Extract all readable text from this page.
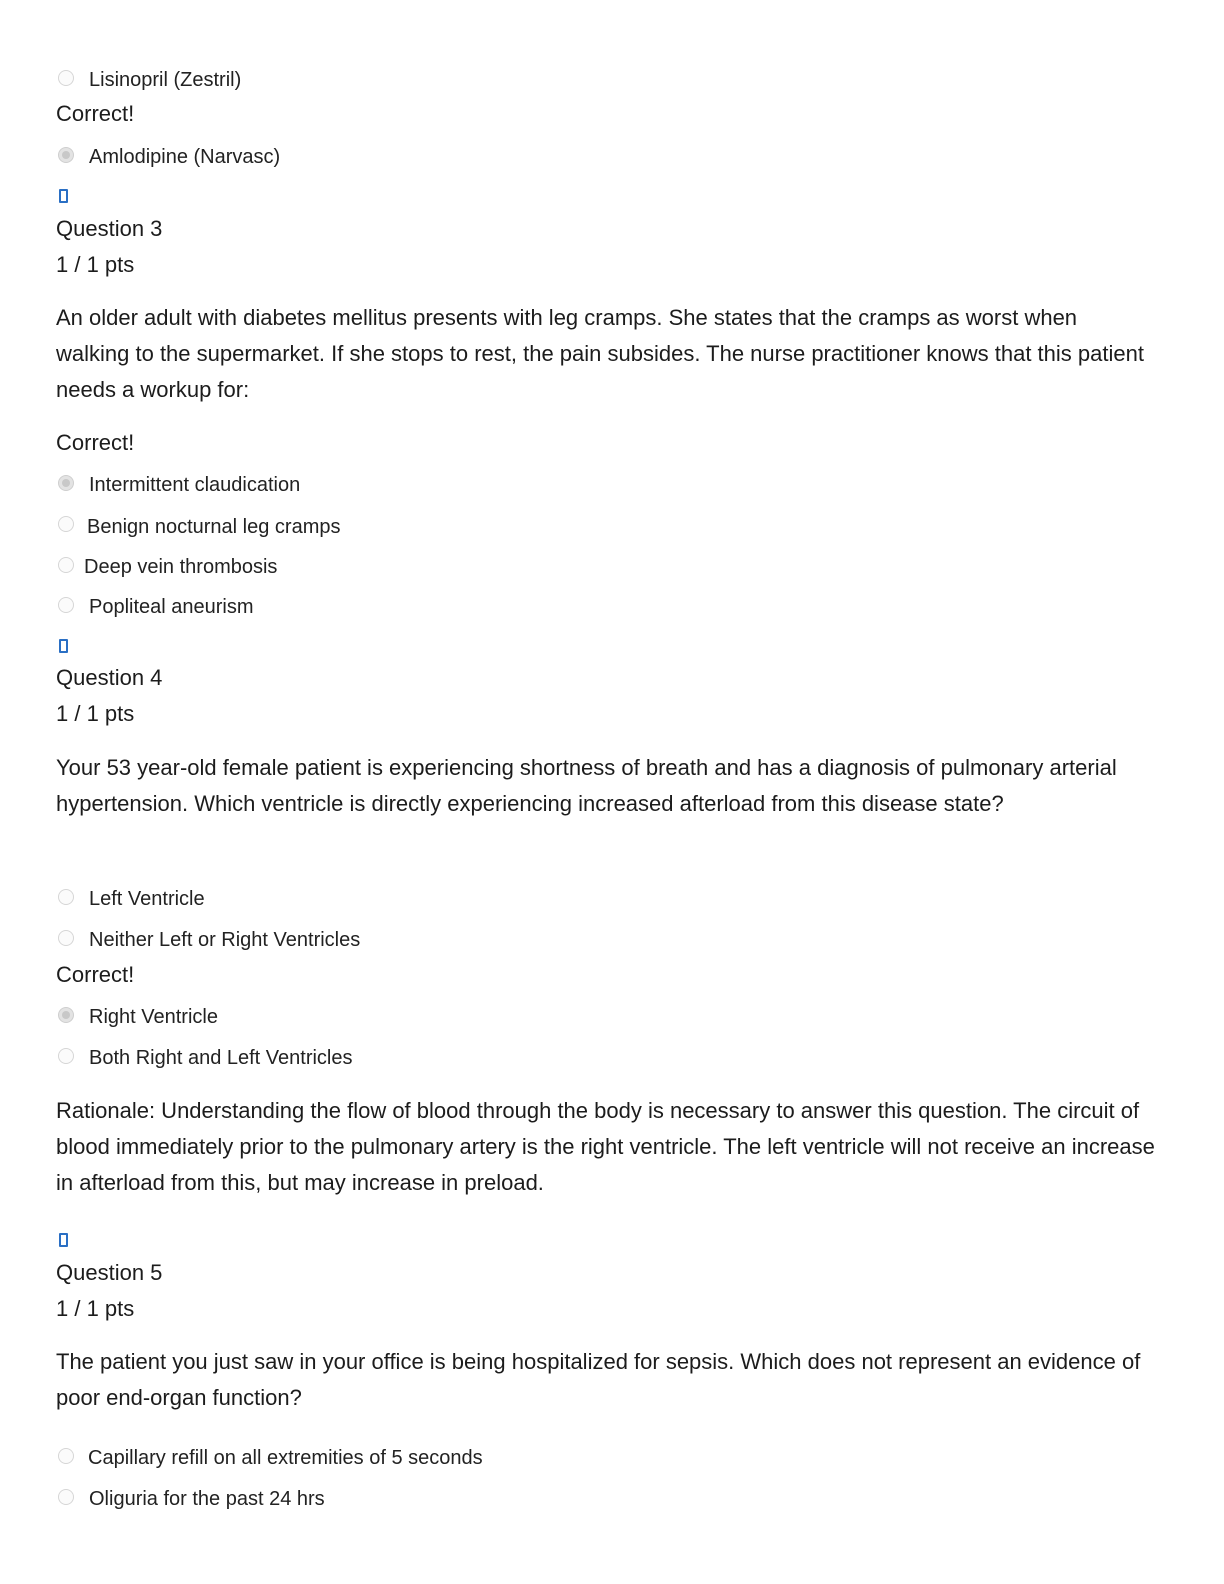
Lisinopril (Zestril)
Correct!
Amlodipine (Narvasc)
Question 3
1 / 1 pts
An older adult with diabetes mellitus presents with leg cramps. She states that the cramps as worst when walking to the supermarket. If she stops to rest, the pain subsides. The nurse practitioner knows that this patient needs a workup for:
Correct!
Intermittent claudication
Benign nocturnal leg cramps
Deep vein thrombosis
Popliteal aneurism
Question 4
1 / 1 pts
Your 53 year-old female patient is experiencing shortness of breath and has a diagnosis of pulmonary arterial hypertension. Which ventricle is directly experiencing increased afterload from this disease state?
Left Ventricle
Neither Left or Right Ventricles
Correct!
Right Ventricle
Both Right and Left Ventricles
Rationale: Understanding the flow of blood through the body is necessary to answer this question. The circuit of blood immediately prior to the pulmonary artery is the right ventricle. The left ventricle will not receive an increase in afterload from this, but may increase in preload.
Question 5
1 / 1 pts
The patient you just saw in your office is being hospitalized for sepsis. Which does not represent an evidence of poor end-organ function?
Capillary refill on all extremities of 5 seconds
Oliguria for the past 24 hrs
